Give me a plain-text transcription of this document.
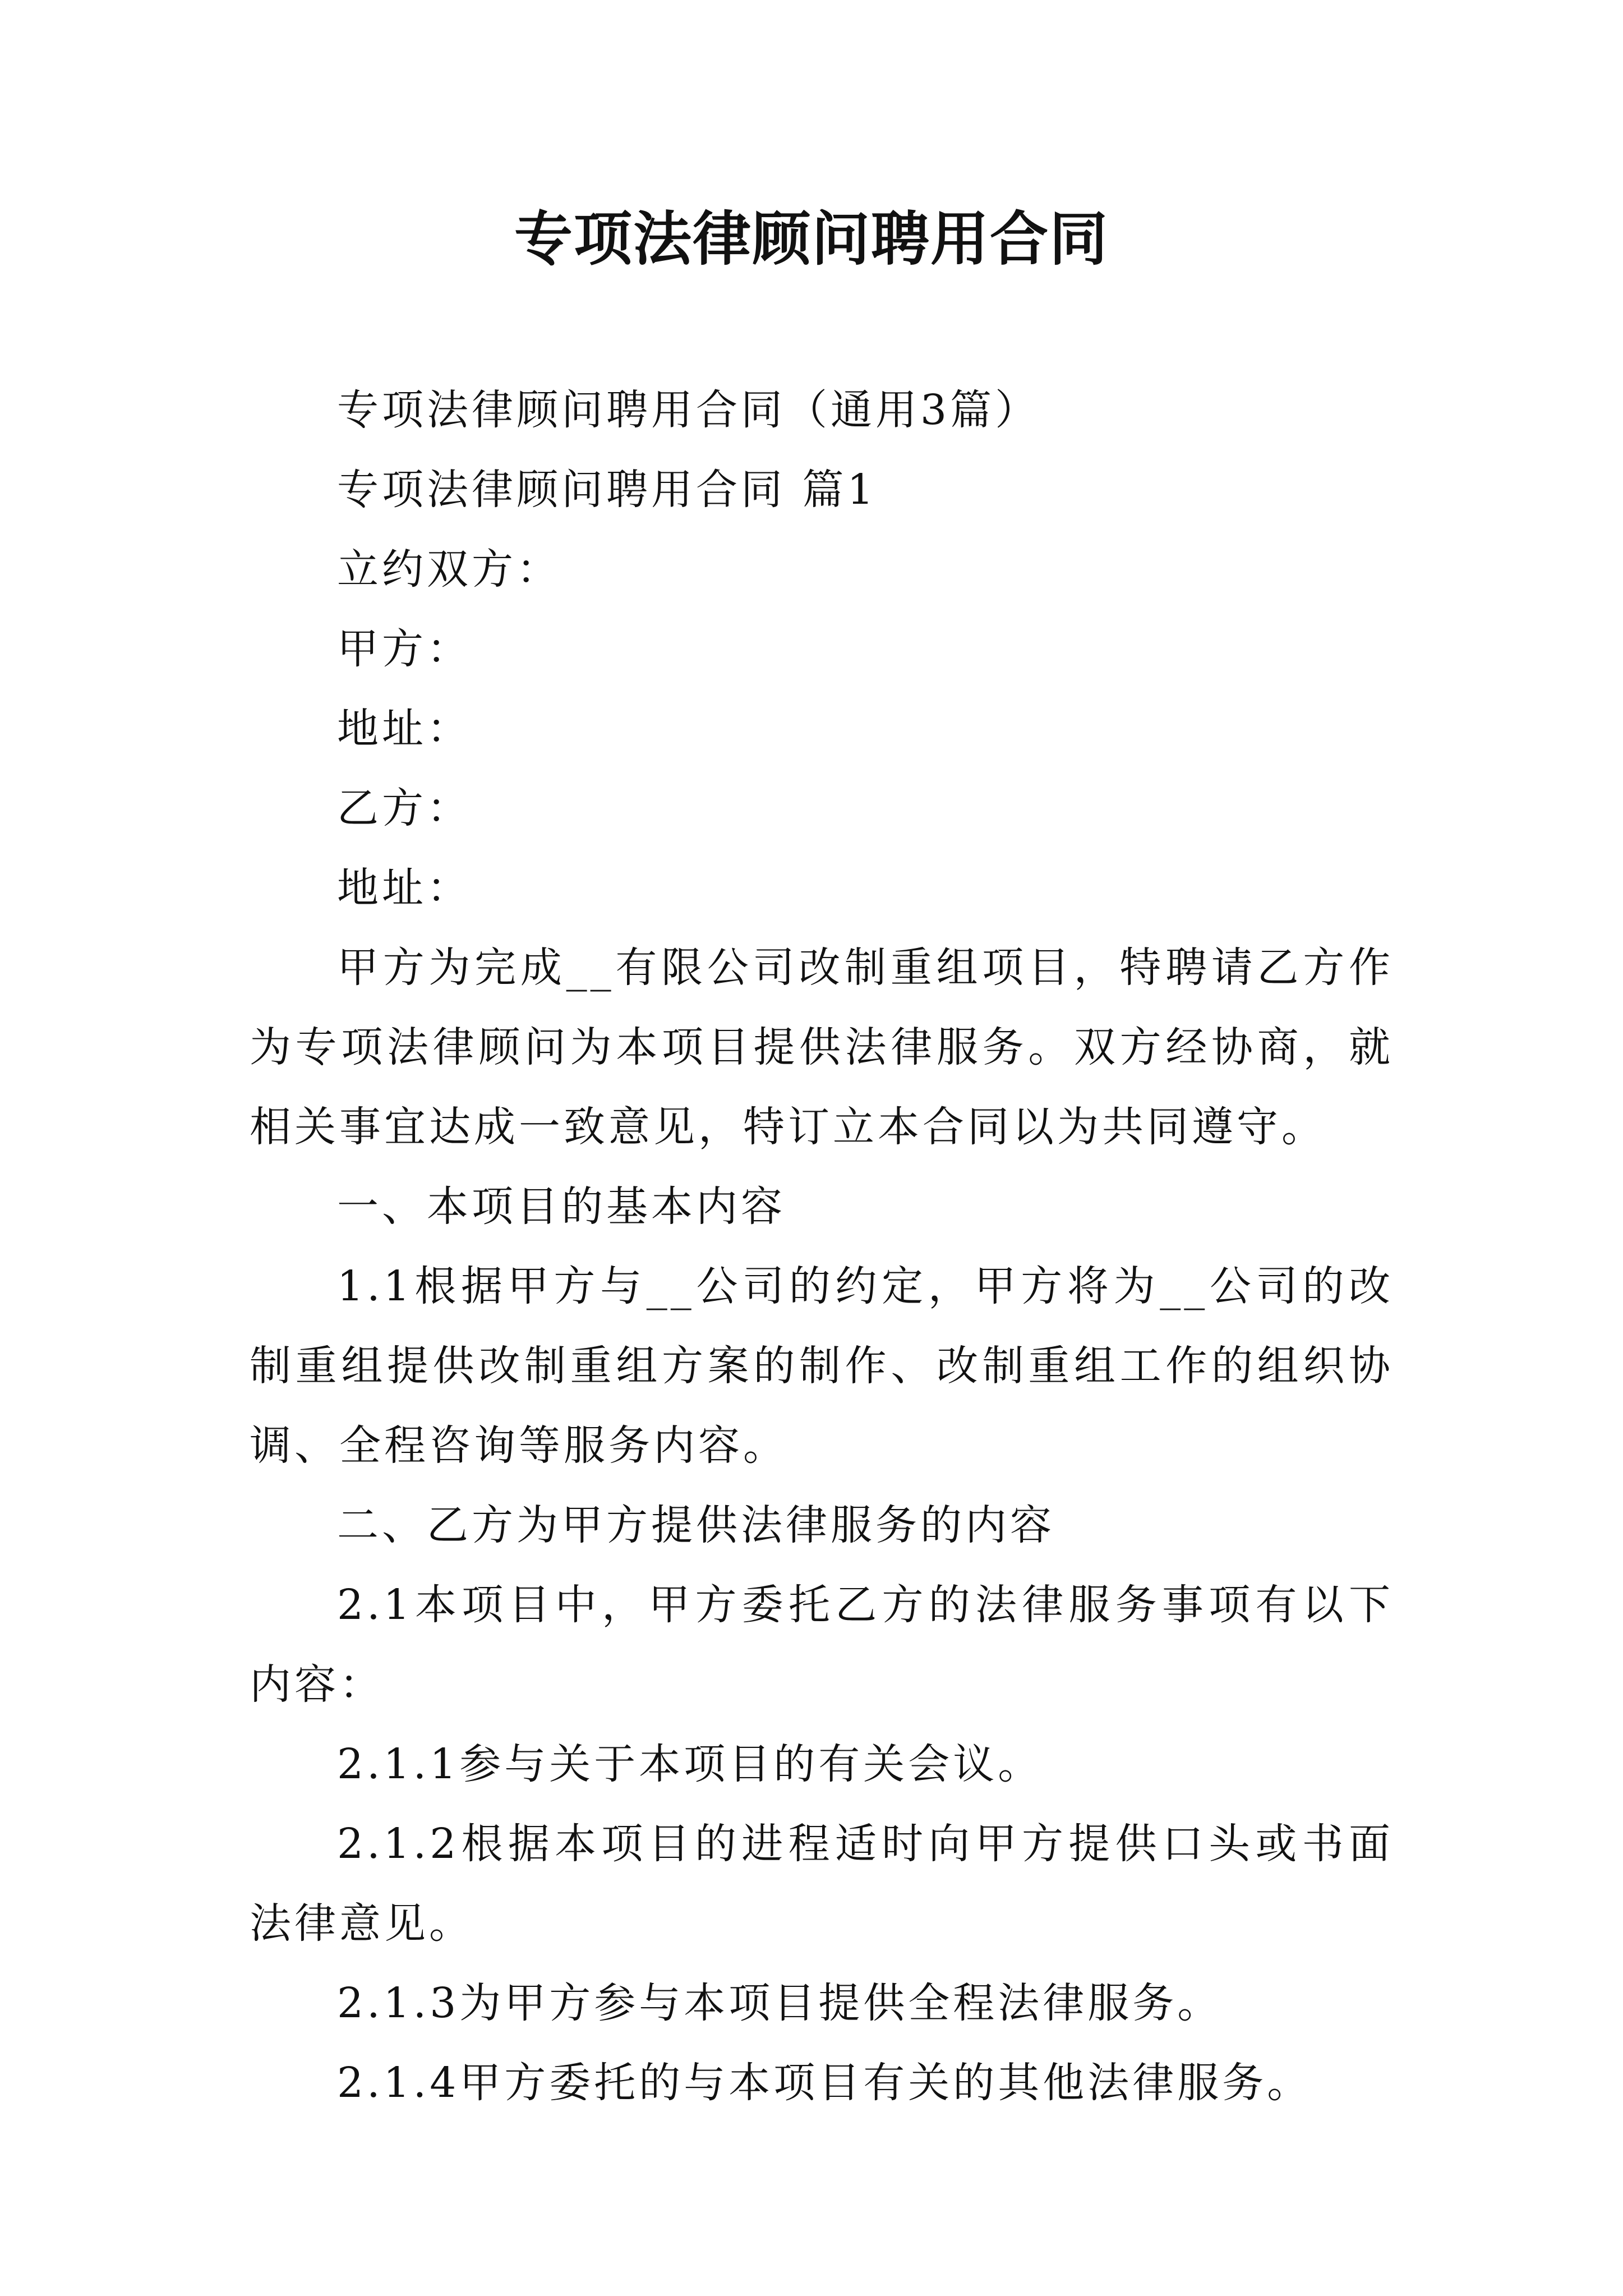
专项法律顾问聘用合同

专项法律顾问聘用合同（通用3篇）

专项法律顾问聘用合同 篇1

立约双方：

甲方：

地址：

乙方：

地址：

甲方为完成__有限公司改制重组项目，特聘请乙方作为专项法律顾问为本项目提供法律服务。双方经协商，就相关事宜达成一致意见，特订立本合同以为共同遵守。

一、本项目的基本内容

1.1根据甲方与__公司的约定，甲方将为__公司的改制重组提供改制重组方案的制作、改制重组工作的组织协调、全程咨询等服务内容。

二、乙方为甲方提供法律服务的内容

2.1本项目中，甲方委托乙方的法律服务事项有以下内容：

2.1.1参与关于本项目的有关会议。

2.1.2根据本项目的进程适时向甲方提供口头或书面法律意见。

2.1.3为甲方参与本项目提供全程法律服务。

2.1.4甲方委托的与本项目有关的其他法律服务。
